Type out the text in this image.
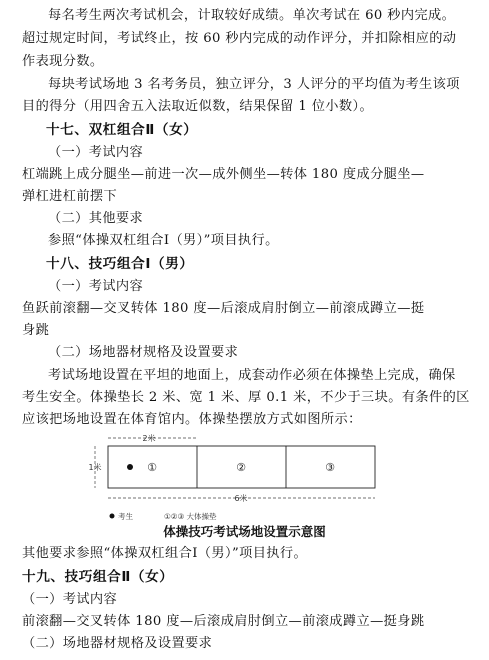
每名考生两次考试机会，计取较好成绩。单次考试在 60 秒内完成。
超过规定时间，考试终止，按 60 秒内完成的动作评分，并扣除相应的动
作表现分数。
每块考试场地 3 名考务员，独立评分，3 人评分的平均值为考生该项
目的得分（用四舍五入法取近似数，结果保留 1 位小数）。
十七、双杠组合Ⅱ（女）
（一）考试内容
杠端跳上成分腿坐—前进一次—成外侧坐—转体 180 度成分腿坐—
弹杠进杠前摆下
（二）其他要求
参照“体操双杠组合Ⅰ（男）”项目执行。
十八、技巧组合Ⅰ（男）
（一）考试内容
鱼跃前滚翻—交叉转体 180 度—后滚成肩肘倒立—前滚成蹲立—挺
身跳
（二）场地器材规格及设置要求
考试场地设置在平坦的地面上，成套动作必须在体操垫上完成，确保
考生安全。体操垫长 2 米、宽 1 米、厚 0.1 米，不少于三块。有条件的区
应该把场地设置在体育馆内。体操垫摆放方式如图所示：
2米
1米	①	②	③
6米
考生	①②③ 大体操垫
体操技巧考试场地设置示意图
其他要求参照“体操双杠组合Ⅰ（男）”项目执行。
十九、技巧组合Ⅱ（女）
（一）考试内容
前滚翻—交叉转体 180 度—后滚成肩肘倒立—前滚成蹲立—挺身跳
（二）场地器材规格及设置要求
